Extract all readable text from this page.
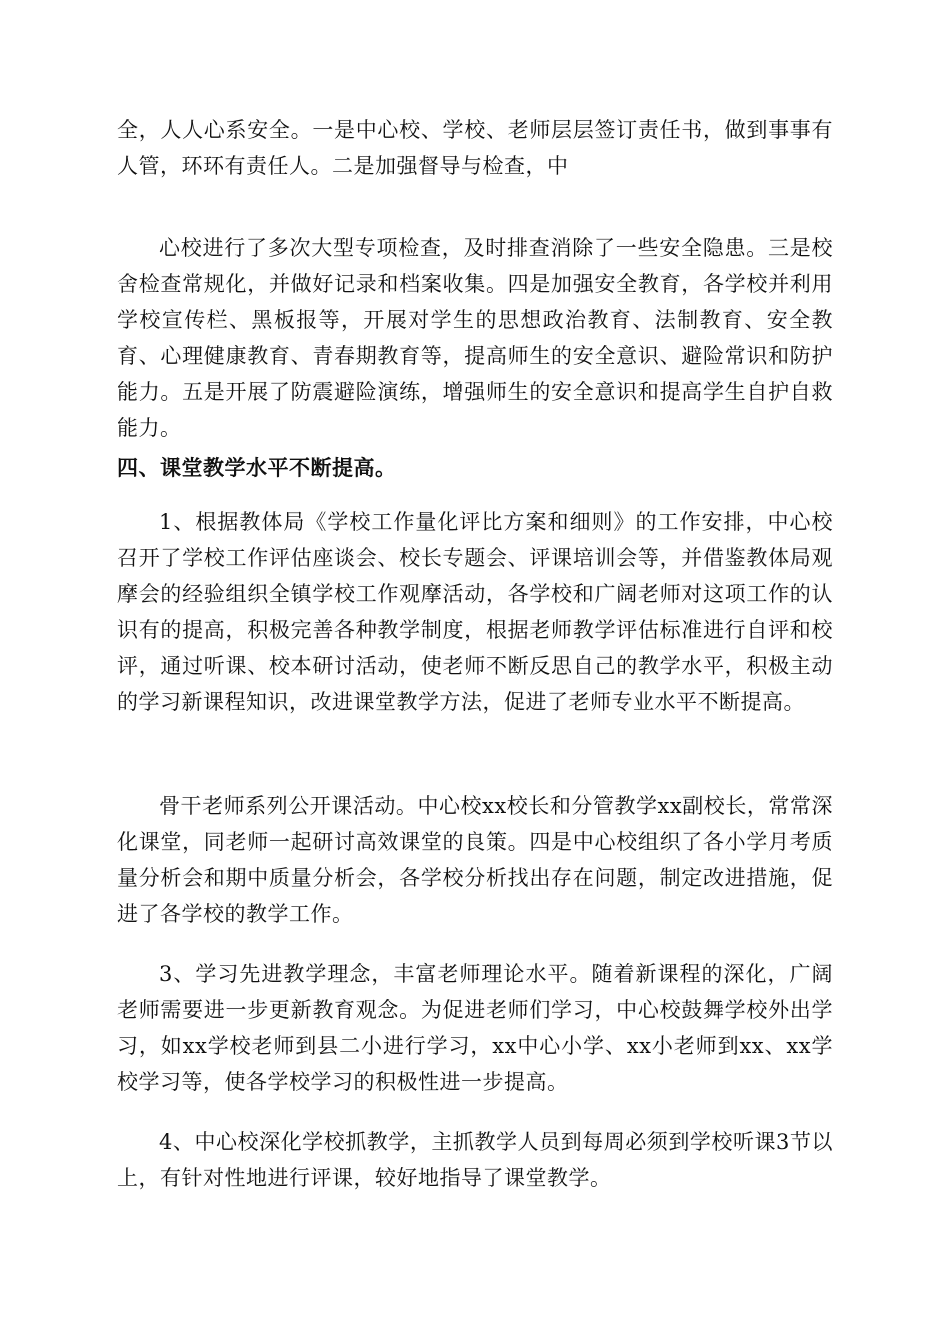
全，人人心系安全。一是中心校、学校、老师层层签订责任书，做到事事有人管，环环有责任人。二是加强督导与检查，中

心校进行了多次大型专项检查，及时排查消除了一些安全隐患。三是校舍检查常规化，并做好记录和档案收集。四是加强安全教育，各学校并利用学校宣传栏、黑板报等，开展对学生的思想政治教育、法制教育、安全教育、心理健康教育、青春期教育等，提高师生的安全意识、避险常识和防护能力。五是开展了防震避险演练，增强师生的安全意识和提高学生自护自救能力。

四、课堂教学水平不断提高。

1、根据教体局《学校工作量化评比方案和细则》的工作安排，中心校召开了学校工作评估座谈会、校长专题会、评课培训会等，并借鉴教体局观摩会的经验组织全镇学校工作观摩活动，各学校和广阔老师对这项工作的认识有的提高，积极完善各种教学制度，根据老师教学评估标准进行自评和校评，通过听课、校本研讨活动，使老师不断反思自己的教学水平，积极主动的学习新课程知识，改进课堂教学方法，促进了老师专业水平不断提高。

骨干老师系列公开课活动。中心校xx校长和分管教学xx副校长，常常深化课堂，同老师一起研讨高效课堂的良策。四是中心校组织了各小学月考质量分析会和期中质量分析会，各学校分析找出存在问题，制定改进措施，促进了各学校的教学工作。

3、学习先进教学理念，丰富老师理论水平。随着新课程的深化，广阔老师需要进一步更新教育观念。为促进老师们学习，中心校鼓舞学校外出学习，如xx学校老师到县二小进行学习，xx中心小学、xx小老师到xx、xx学校学习等，使各学校学习的积极性进一步提高。

4、中心校深化学校抓教学，主抓教学人员到每周必须到学校听课3节以上，有针对性地进行评课，较好地指导了课堂教学。
